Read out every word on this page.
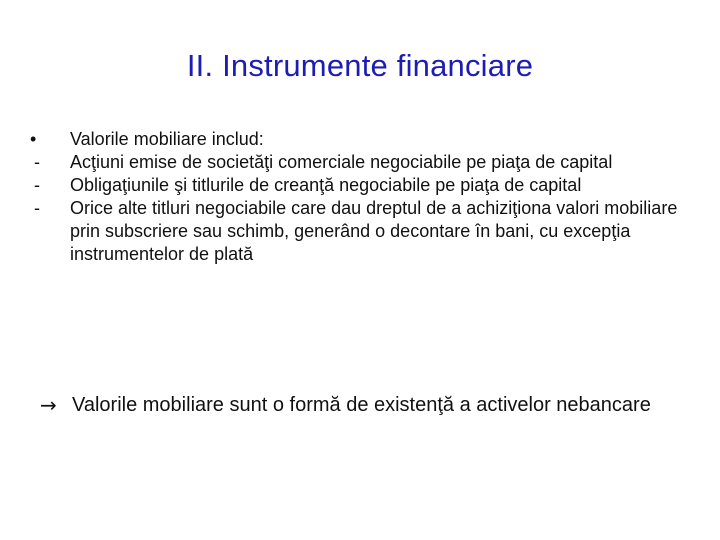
II. Instrumente financiare

•	Valorile mobiliare includ:

- Acţiuni emise de societăţi comerciale negociabile pe piaţa de capital

- Obligaţiunile şi titlurile de creanţă negociabile pe piaţa de capital

- Orice alte titluri negociabile care dau dreptul de a achiziţiona valori mobiliare prin subscriere sau schimb, generând o decontare în bani, cu excepţia instrumentelor de plată

→ Valorile mobiliare sunt o formă de existenţă a activelor nebancare
